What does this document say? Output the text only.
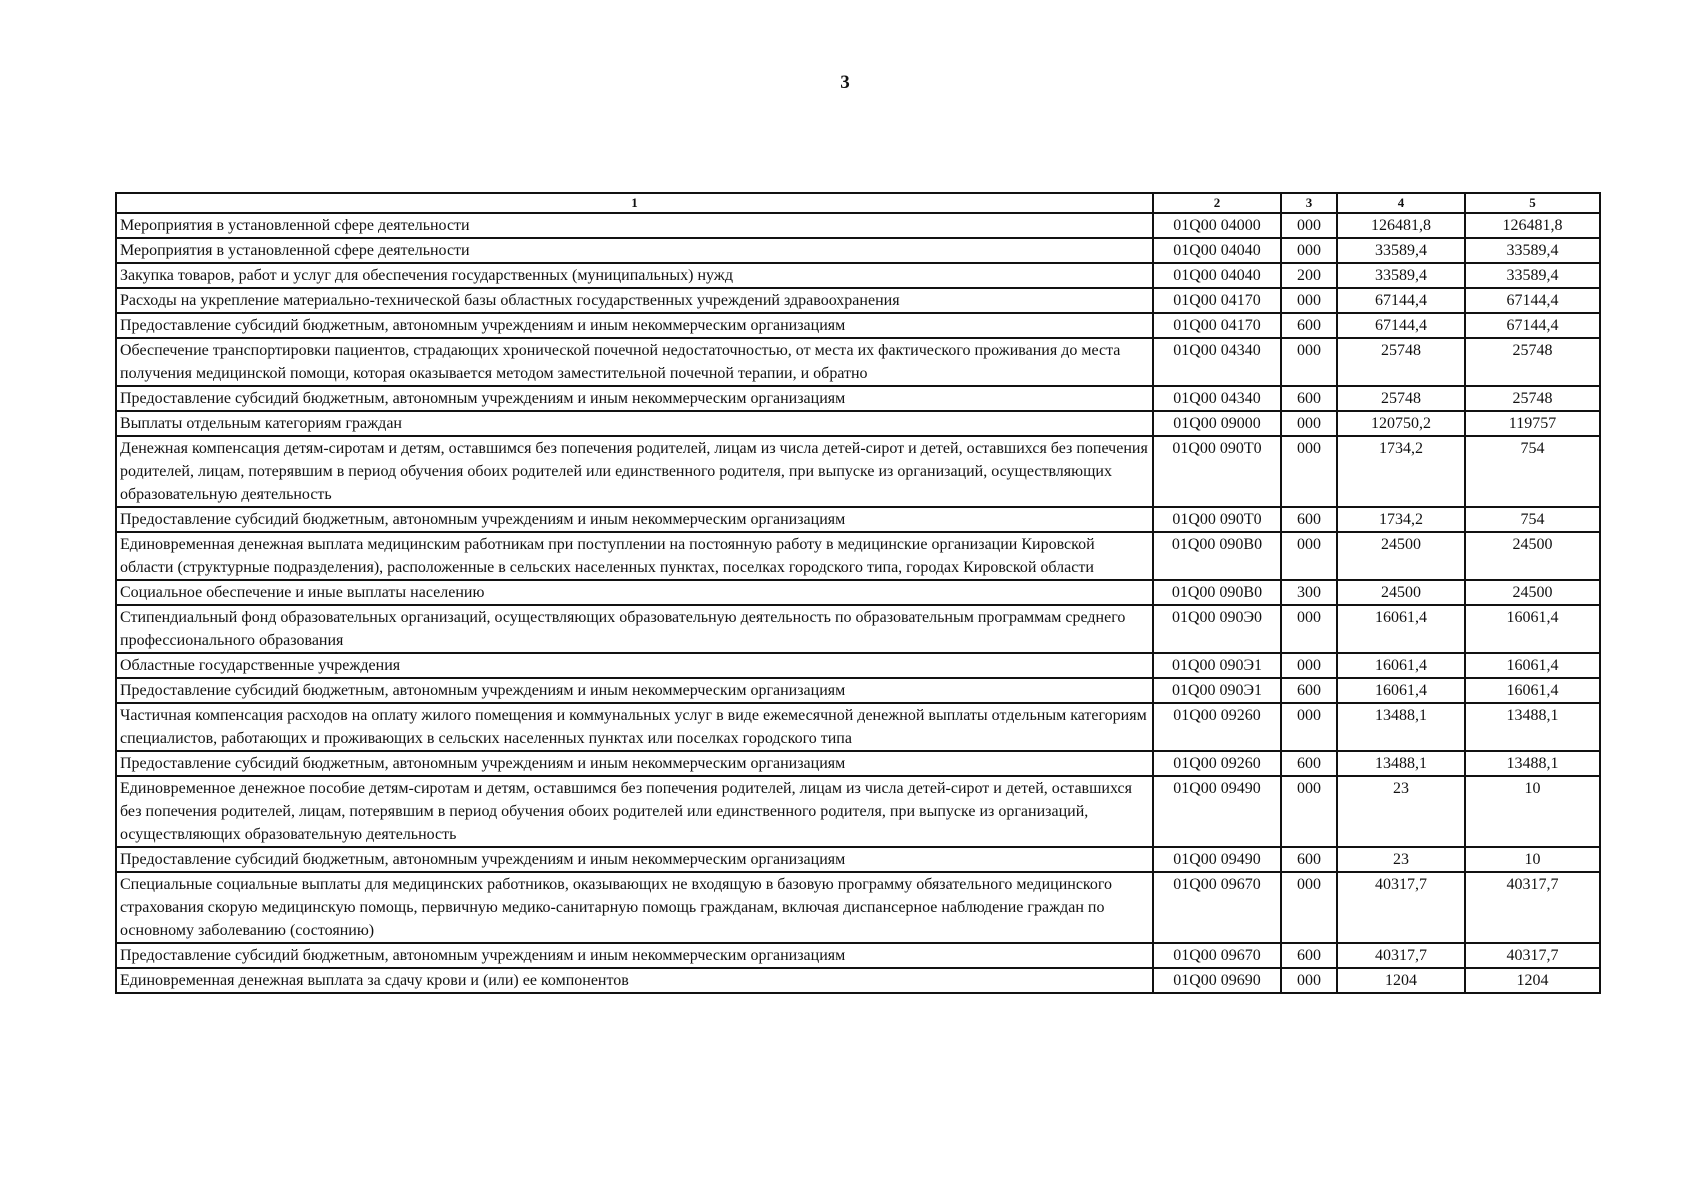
3
1	2	3	4	5
Мероприятия в установленной сфере деятельности	01Q00 04000	000	126481,8	126481,8
Мероприятия в установленной сфере деятельности	01Q00 04040	000	33589,4	33589,4
Закупка товаров, работ и услуг для обеспечения государственных (муниципальных) нужд	01Q00 04040	200	33589,4	33589,4
Расходы на укрепление материально-технической базы областных государственных учреждений здравоохранения	01Q00 04170	000	67144,4	67144,4
Предоставление субсидий бюджетным, автономным учреждениям и иным некоммерческим организациям	01Q00 04170	600	67144,4	67144,4
Обеспечение транспортировки пациентов, страдающих хронической почечной недостаточностью, от места их фактического проживания до места получения медицинской помощи, которая оказывается методом заместительной почечной терапии, и обратно	01Q00 04340	000	25748	25748
Предоставление субсидий бюджетным, автономным учреждениям и иным некоммерческим организациям	01Q00 04340	600	25748	25748
Выплаты отдельным категориям граждан	01Q00 09000	000	120750,2	119757
Денежная компенсация детям-сиротам и детям, оставшимся без попечения родителей, лицам из числа детей-сирот и детей, оставшихся без попечения родителей, лицам, потерявшим в период обучения обоих родителей или единственного родителя, при выпуске из организаций, осуществляющих образовательную деятельность	01Q00 090Т0	000	1734,2	754
Предоставление субсидий бюджетным, автономным учреждениям и иным некоммерческим организациям	01Q00 090Т0	600	1734,2	754
Единовременная денежная выплата медицинским работникам при поступлении на постоянную работу в медицинские организации Кировской области (структурные подразделения), расположенные в сельских населенных пунктах, поселках городского типа, городах Кировской области	01Q00 090В0	000	24500	24500
Социальное обеспечение и иные выплаты населению	01Q00 090В0	300	24500	24500
Стипендиальный фонд образовательных организаций, осуществляющих образовательную деятельность по образовательным программам среднего профессионального образования	01Q00 090Э0	000	16061,4	16061,4
Областные государственные учреждения	01Q00 090Э1	000	16061,4	16061,4
Предоставление субсидий бюджетным, автономным учреждениям и иным некоммерческим организациям	01Q00 090Э1	600	16061,4	16061,4
Частичная компенсация расходов на оплату жилого помещения и коммунальных услуг в виде ежемесячной денежной выплаты отдельным категориям специалистов, работающих и проживающих в сельских населенных пунктах или поселках городского типа	01Q00 09260	000	13488,1	13488,1
Предоставление субсидий бюджетным, автономным учреждениям и иным некоммерческим организациям	01Q00 09260	600	13488,1	13488,1
Единовременное денежное пособие детям-сиротам и детям, оставшимся без попечения родителей, лицам из числа детей-сирот и детей, оставшихся без попечения родителей, лицам, потерявшим в период обучения обоих родителей или единственного родителя, при выпуске из организаций, осуществляющих образовательную деятельность	01Q00 09490	000	23	10
Предоставление субсидий бюджетным, автономным учреждениям и иным некоммерческим организациям	01Q00 09490	600	23	10
Специальные социальные выплаты для медицинских работников, оказывающих не входящую в базовую программу обязательного медицинского страхования скорую медицинскую помощь, первичную медико-санитарную помощь гражданам, включая диспансерное наблюдение граждан по основному заболеванию (состоянию)	01Q00 09670	000	40317,7	40317,7
Предоставление субсидий бюджетным, автономным учреждениям и иным некоммерческим организациям	01Q00 09670	600	40317,7	40317,7
Единовременная денежная выплата за сдачу крови и (или) ее компонентов	01Q00 09690	000	1204	1204
